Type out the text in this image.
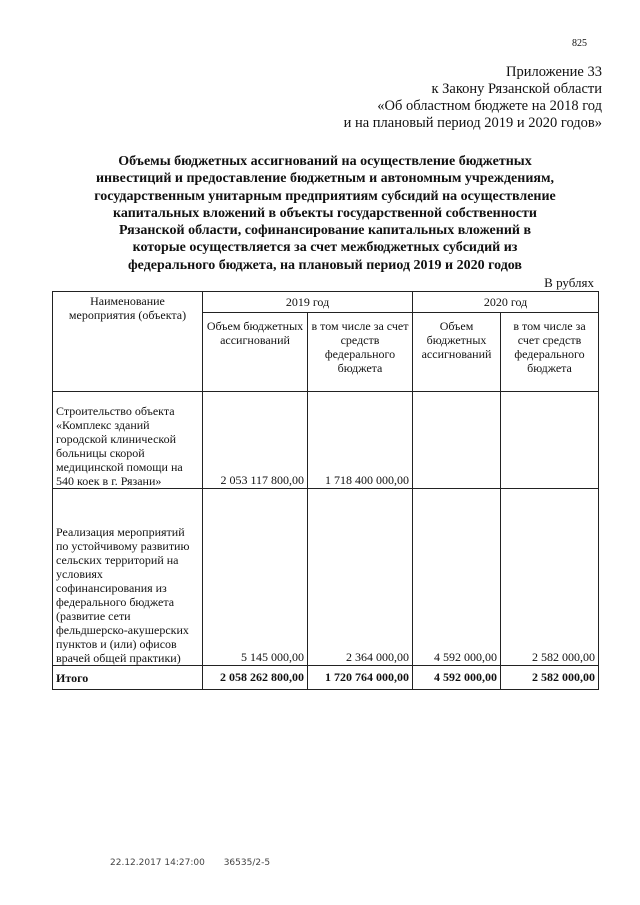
825
Приложение 33
к Закону Рязанской области
«Об областном бюджете на 2018 год
и на плановый период 2019 и 2020 годов»
Объемы бюджетных ассигнований на осуществление бюджетных
инвестиций и предоставление бюджетным и автономным учреждениям,
государственным унитарным предприятиям субсидий на осуществление
капитальных вложений в объекты государственной собственности
Рязанской области, софинансирование капитальных вложений в
которые осуществляется за счет межбюджетных субсидий из
федерального бюджета, на плановый период 2019 и 2020 годов
В рублях
Наименование мероприятия (объекта)	2019 год		2020 год	
	Объем бюджетных ассигнований	в том числе за счет средств федерального бюджета	Объем бюджетных ассигнований	в том числе за счет средств федерального бюджета
Строительство объекта «Комплекс зданий городской клинической больницы скорой медицинской помощи на 540 коек в г. Рязани»	2 053 117 800,00	1 718 400 000,00		
Реализация мероприятий по устойчивому развитию сельских территорий на условиях софинансирования из федерального бюджета (развитие сети фельдшерско-акушерских пунктов и (или) офисов врачей общей практики)	5 145 000,00	2 364 000,00	4 592 000,00	2 582 000,00
Итого	2 058 262 800,00	1 720 764 000,00	4 592 000,00	2 582 000,00
22.12.2017 14:27:00 36535/2-5
